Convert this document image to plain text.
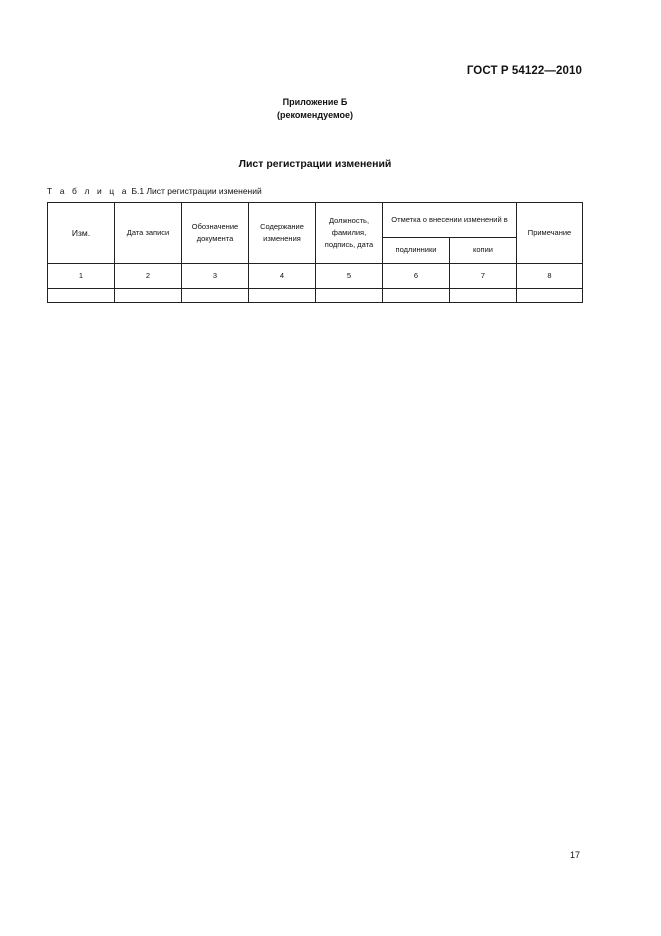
ГОСТ Р 54122—2010
Приложение Б
(рекомендуемое)
Лист регистрации изменений
Т а б л и ц а Б.1 Лист регистрации изменений
Изм.	Дата записи	Обозначение документа	Содержание изменения	Должность, фамилия, подпись, дата	Отметка о внесении изменений в		Примечание
					подлинники	копии	
1	2	3	4	5	6	7	8

17
